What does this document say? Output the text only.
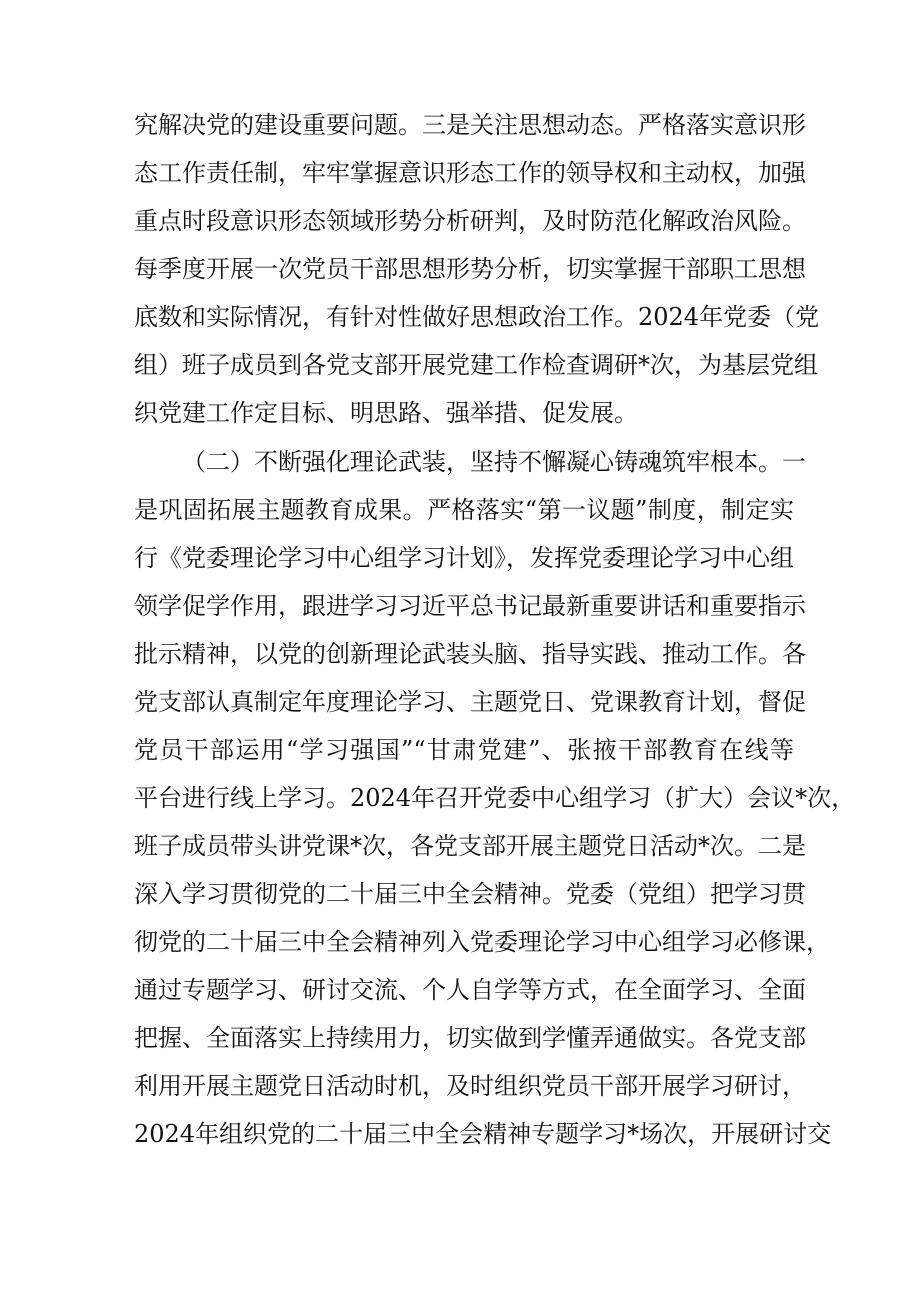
究解决党的建设重要问题。三是关注思想动态。严格落实意识形
态工作责任制，牢牢掌握意识形态工作的领导权和主动权，加强
重点时段意识形态领域形势分析研判，及时防范化解政治风险。
每季度开展一次党员干部思想形势分析，切实掌握干部职工思想
底数和实际情况，有针对性做好思想政治工作。2024年党委（党
组）班子成员到各党支部开展党建工作检查调研*次，为基层党组
织党建工作定目标、明思路、强举措、促发展。
（二）不断强化理论武装，坚持不懈凝心铸魂筑牢根本。一
是巩固拓展主题教育成果。严格落实“第一议题”制度，制定实
行《党委理论学习中心组学习计划》，发挥党委理论学习中心组
领学促学作用，跟进学习习近平总书记最新重要讲话和重要指示
批示精神，以党的创新理论武装头脑、指导实践、推动工作。各
党支部认真制定年度理论学习、主题党日、党课教育计划，督促
党员干部运用“学习强国”“甘肃党建”、张掖干部教育在线等
平台进行线上学习。2024年召开党委中心组学习（扩大）会议*次，
班子成员带头讲党课*次，各党支部开展主题党日活动*次。二是
深入学习贯彻党的二十届三中全会精神。党委（党组）把学习贯
彻党的二十届三中全会精神列入党委理论学习中心组学习必修课，
通过专题学习、研讨交流、个人自学等方式，在全面学习、全面
把握、全面落实上持续用力，切实做到学懂弄通做实。各党支部
利用开展主题党日活动时机，及时组织党员干部开展学习研讨，
2024年组织党的二十届三中全会精神专题学习*场次，开展研讨交
